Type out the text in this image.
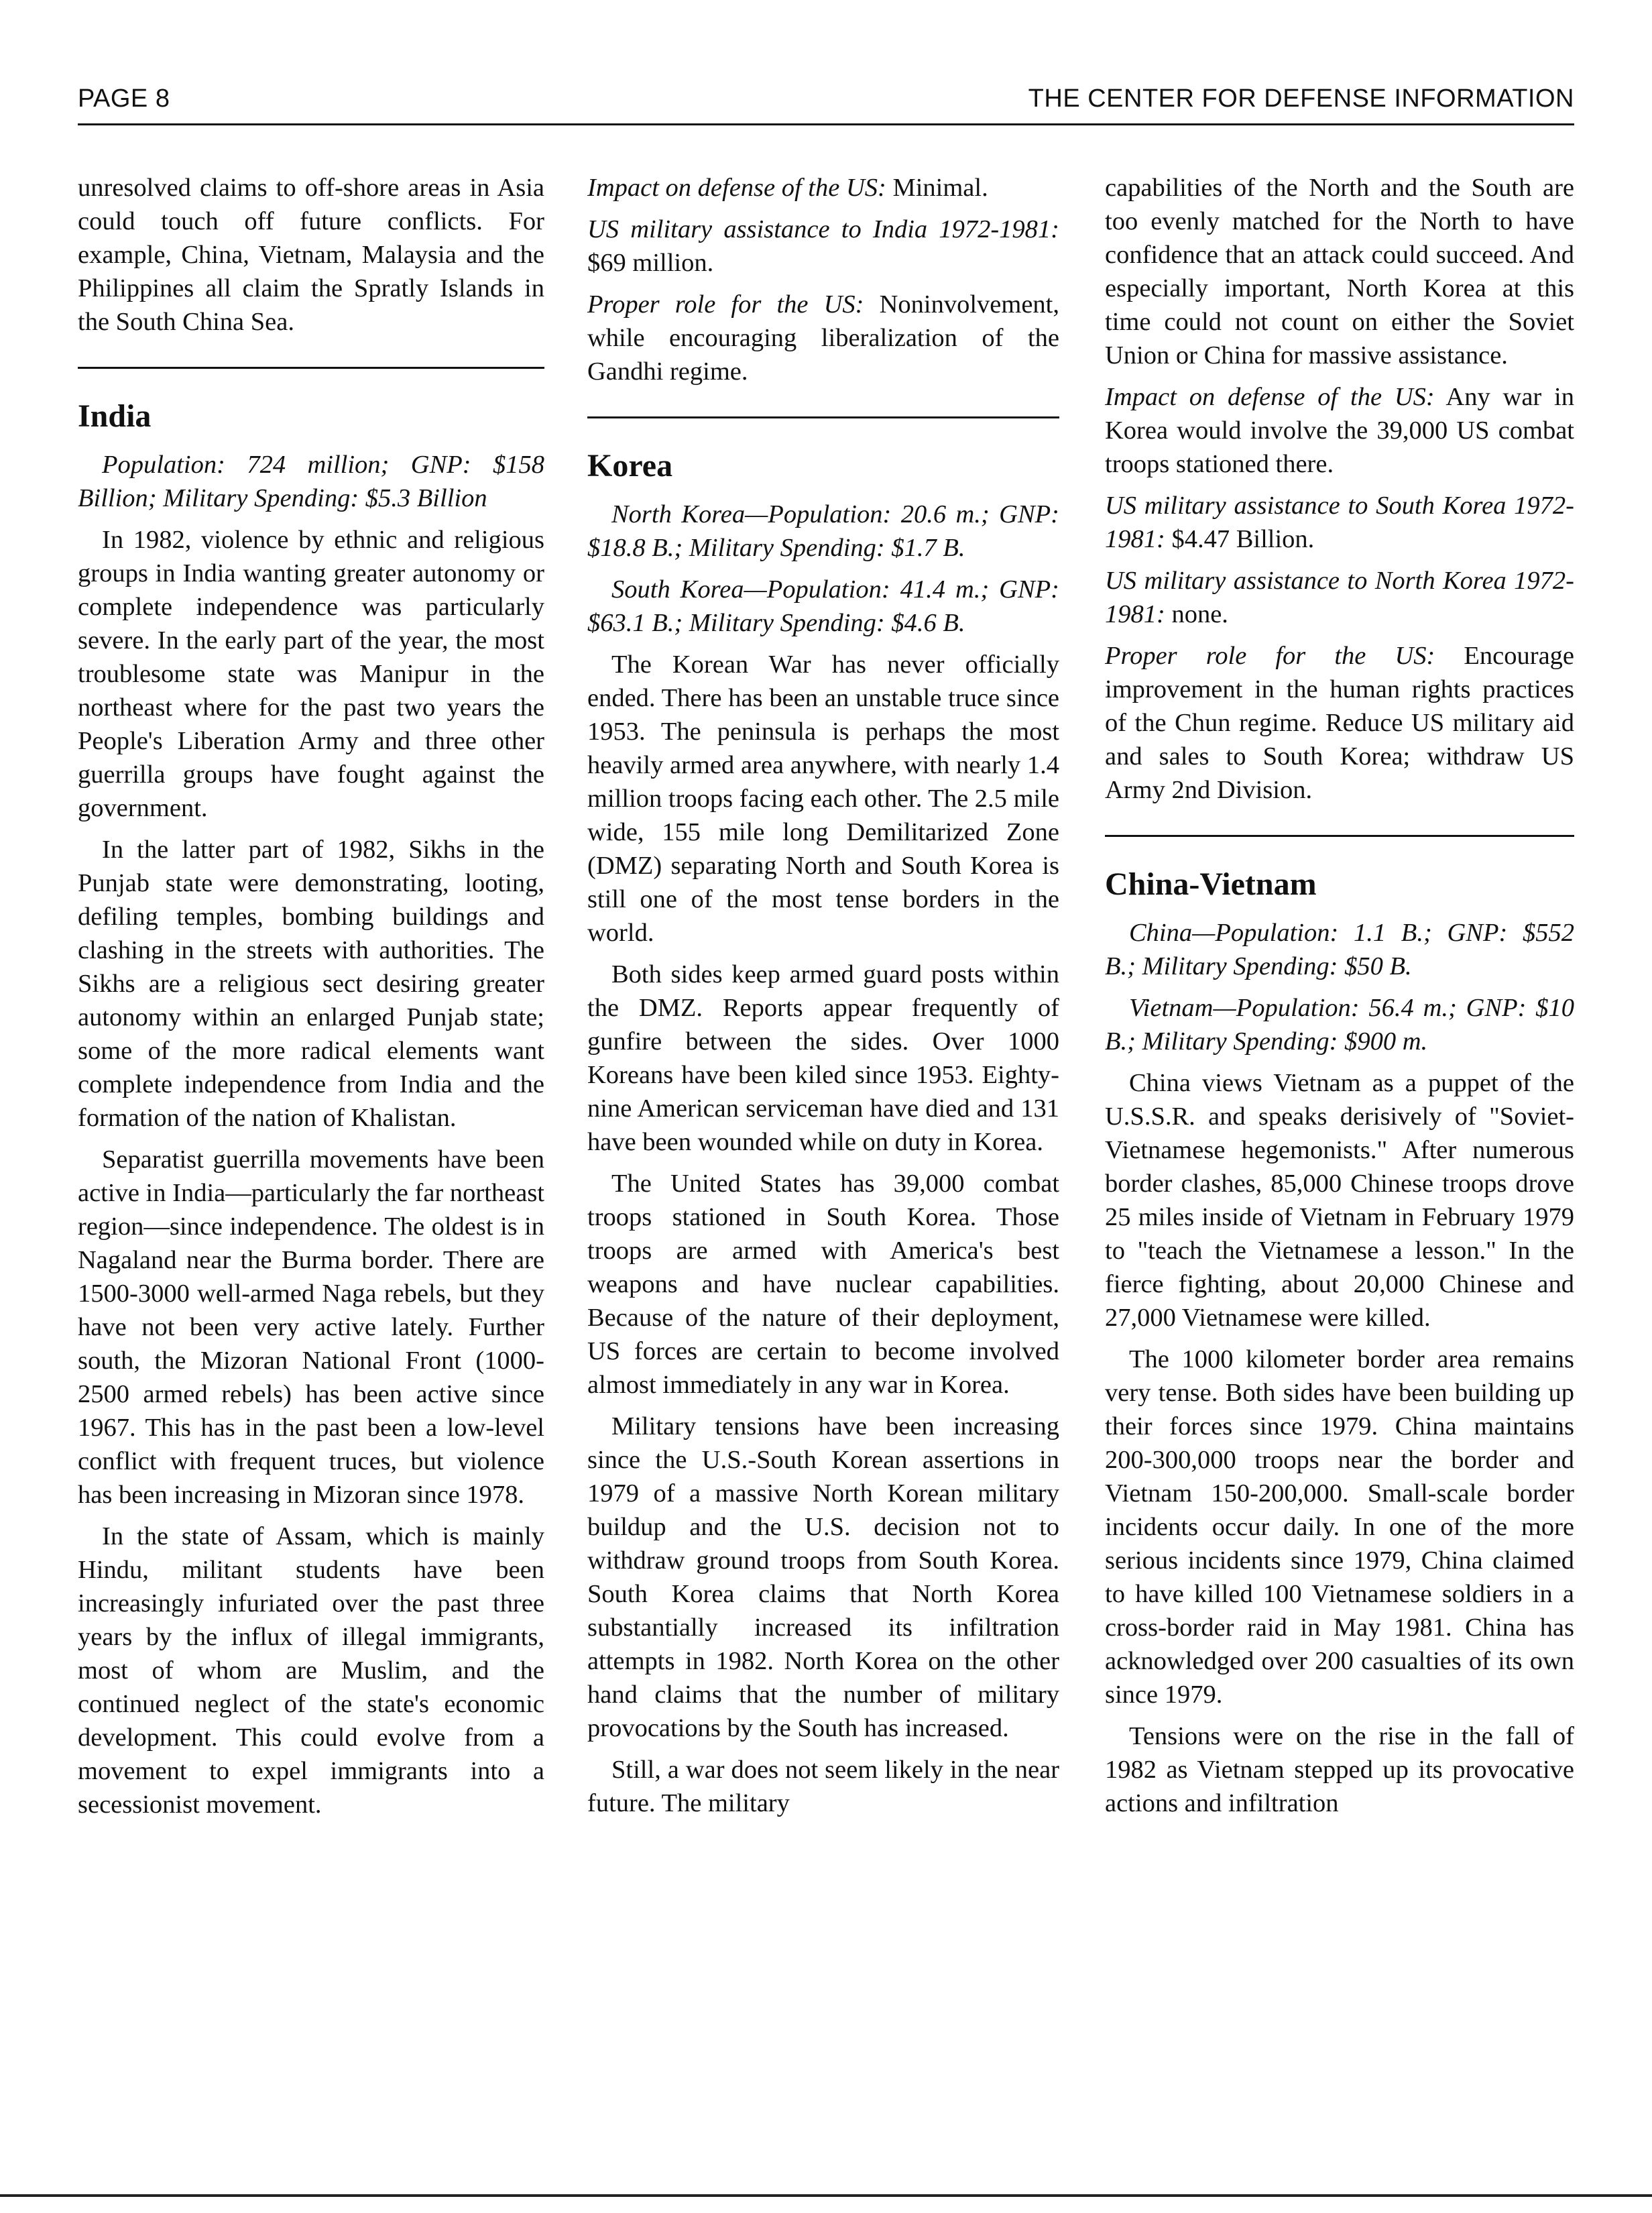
PAGE 8	THE CENTER FOR DEFENSE INFORMATION

unresolved claims to off-shore areas in Asia could touch off future conflicts. For example, China, Vietnam, Malaysia and the Philippines all claim the Spratly Islands in the South China Sea.

India

Population: 724 million; GNP: $158 Billion; Military Spending: $5.3 Billion

In 1982, violence by ethnic and religious groups in India wanting greater autonomy or complete independence was particularly severe. In the early part of the year, the most troublesome state was Manipur in the northeast where for the past two years the People's Liberation Army and three other guerrilla groups have fought against the government.

In the latter part of 1982, Sikhs in the Punjab state were demonstrating, looting, defiling temples, bombing buildings and clashing in the streets with authorities. The Sikhs are a religious sect desiring greater autonomy within an enlarged Punjab state; some of the more radical elements want complete independence from India and the formation of the nation of Khalistan.

Separatist guerrilla movements have been active in India—particularly the far northeast region—since independence. The oldest is in Nagaland near the Burma border. There are 1500-3000 well-armed Naga rebels, but they have not been very active lately. Further south, the Mizoran National Front (1000-2500 armed rebels) has been active since 1967. This has in the past been a low-level conflict with frequent truces, but violence has been increasing in Mizoran since 1978.

In the state of Assam, which is mainly Hindu, militant students have been increasingly infuriated over the past three years by the influx of illegal immigrants, most of whom are Muslim, and the continued neglect of the state's economic development. This could evolve from a movement to expel immigrants into a secessionist movement.

Impact on defense of the US: Minimal.

US military assistance to India 1972-1981: $69 million.

Proper role for the US: Noninvolvement, while encouraging liberalization of the Gandhi regime.

Korea

North Korea—Population: 20.6 m.; GNP: $18.8 B.; Military Spending: $1.7 B.

South Korea—Population: 41.4 m.; GNP: $63.1 B.; Military Spending: $4.6 B.

The Korean War has never officially ended. There has been an unstable truce since 1953. The peninsula is perhaps the most heavily armed area anywhere, with nearly 1.4 million troops facing each other. The 2.5 mile wide, 155 mile long Demilitarized Zone (DMZ) separating North and South Korea is still one of the most tense borders in the world.

Both sides keep armed guard posts within the DMZ. Reports appear frequently of gunfire between the sides. Over 1000 Koreans have been kiled since 1953. Eighty-nine American serviceman have died and 131 have been wounded while on duty in Korea.

The United States has 39,000 combat troops stationed in South Korea. Those troops are armed with America's best weapons and have nuclear capabilities. Because of the nature of their deployment, US forces are certain to become involved almost immediately in any war in Korea.

Military tensions have been increasing since the U.S.-South Korean assertions in 1979 of a massive North Korean military buildup and the U.S. decision not to withdraw ground troops from South Korea. South Korea claims that North Korea substantially increased its infiltration attempts in 1982. North Korea on the other hand claims that the number of military provocations by the South has increased.

Still, a war does not seem likely in the near future. The military

capabilities of the North and the South are too evenly matched for the North to have confidence that an attack could succeed. And especially important, North Korea at this time could not count on either the Soviet Union or China for massive assistance.

Impact on defense of the US: Any war in Korea would involve the 39,000 US combat troops stationed there.

US military assistance to South Korea 1972-1981: $4.47 Billion.

US military assistance to North Korea 1972-1981: none.

Proper role for the US: Encourage improvement in the human rights practices of the Chun regime. Reduce US military aid and sales to South Korea; withdraw US Army 2nd Division.

China-Vietnam

China—Population: 1.1 B.; GNP: $552 B.; Military Spending: $50 B.

Vietnam—Population: 56.4 m.; GNP: $10 B.; Military Spending: $900 m.

China views Vietnam as a puppet of the U.S.S.R. and speaks derisively of "Soviet-Vietnamese hegemonists." After numerous border clashes, 85,000 Chinese troops drove 25 miles inside of Vietnam in February 1979 to "teach the Vietnamese a lesson." In the fierce fighting, about 20,000 Chinese and 27,000 Vietnamese were killed.

The 1000 kilometer border area remains very tense. Both sides have been building up their forces since 1979. China maintains 200-300,000 troops near the border and Vietnam 150-200,000. Small-scale border incidents occur daily. In one of the more serious incidents since 1979, China claimed to have killed 100 Vietnamese soldiers in a cross-border raid in May 1981. China has acknowledged over 200 casualties of its own since 1979.

Tensions were on the rise in the fall of 1982 as Vietnam stepped up its provocative actions and infiltration
